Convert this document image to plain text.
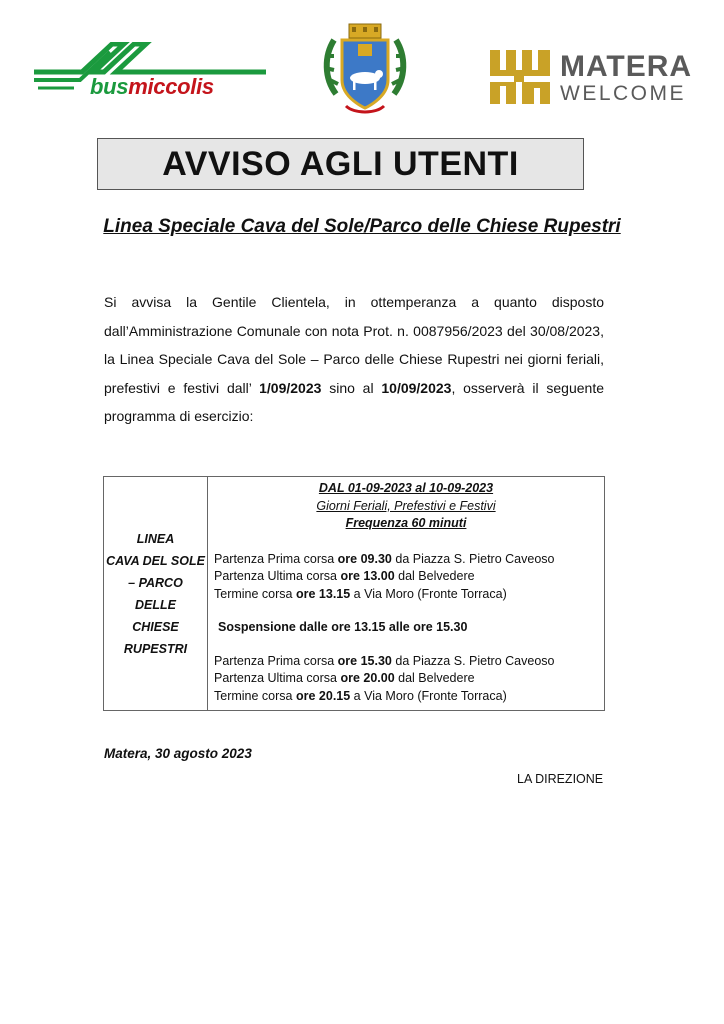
busmiccolis
MATERA
WELCOME
AVVISO AGLI UTENTI
Linea Speciale Cava del Sole/Parco delle Chiese Rupestri
Si avvisa la Gentile Clientela, in ottemperanza a quanto disposto dall’Amministrazione Comunale con nota Prot. n. 0087956/2023 del 30/08/2023, la Linea Speciale Cava del Sole – Parco delle Chiese Rupestri nei giorni feriali, prefestivi e festivi dall’ 1/09/2023 sino al 10/09/2023, osserverà il seguente programma di esercizio:
LINEA
CAVA DEL SOLE
– PARCO DELLE
CHIESE
RUPESTRI
DAL 01-09-2023 al 10-09-2023
Giorni Feriali, Prefestivi e Festivi
Frequenza 60 minuti
Partenza Prima corsa ore 09.30 da Piazza S. Pietro Caveoso
Partenza Ultima corsa ore 13.00 dal Belvedere
Termine corsa ore 13.15 a Via Moro (Fronte Torraca)
Sospensione dalle ore 13.15 alle ore 15.30
Partenza Prima corsa ore 15.30 da Piazza S. Pietro Caveoso
Partenza Ultima corsa ore 20.00 dal Belvedere
Termine corsa ore 20.15 a Via Moro (Fronte Torraca)
Matera, 30 agosto 2023
LA DIREZIONE
